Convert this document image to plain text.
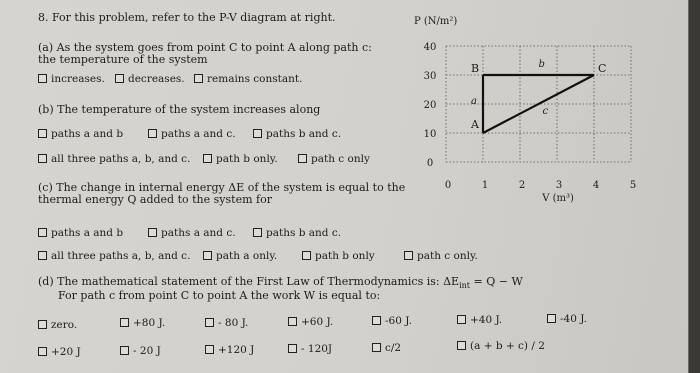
8. For this problem, refer to the P-V diagram at right.
(a) As the system goes from point C to point A along path c:
the temperature of the system
increases.	decreases.	remains constant.
(b) The temperature of the system increases along
paths a and b	paths a and c.	paths b and c.
all three paths a, b, and c.	path b only.	path c only
(c) The change in internal energy ΔE of the system is equal to the
thermal energy Q added to the system for
paths a and b	paths a and c.	paths b and c.
all three paths a, b, and c.	path a only.	path b only	path c only.
(d) The mathematical statement of the First Law of Thermodynamics is: $\Delta E_{int} = Q - W$
For path c from point C to point A the work W is equal to:
zero.	+80 J.	- 80 J.	+60 J.	-60 J.	+40 J.	-40 J.
+20 J	- 20 J	+120 J	- 120J	c/2	(a + b + c) / 2
P (N/m²)
V (m³)
40
30
20
10
0
0	1	2	3	4	5
A
B	C
a
b
c
